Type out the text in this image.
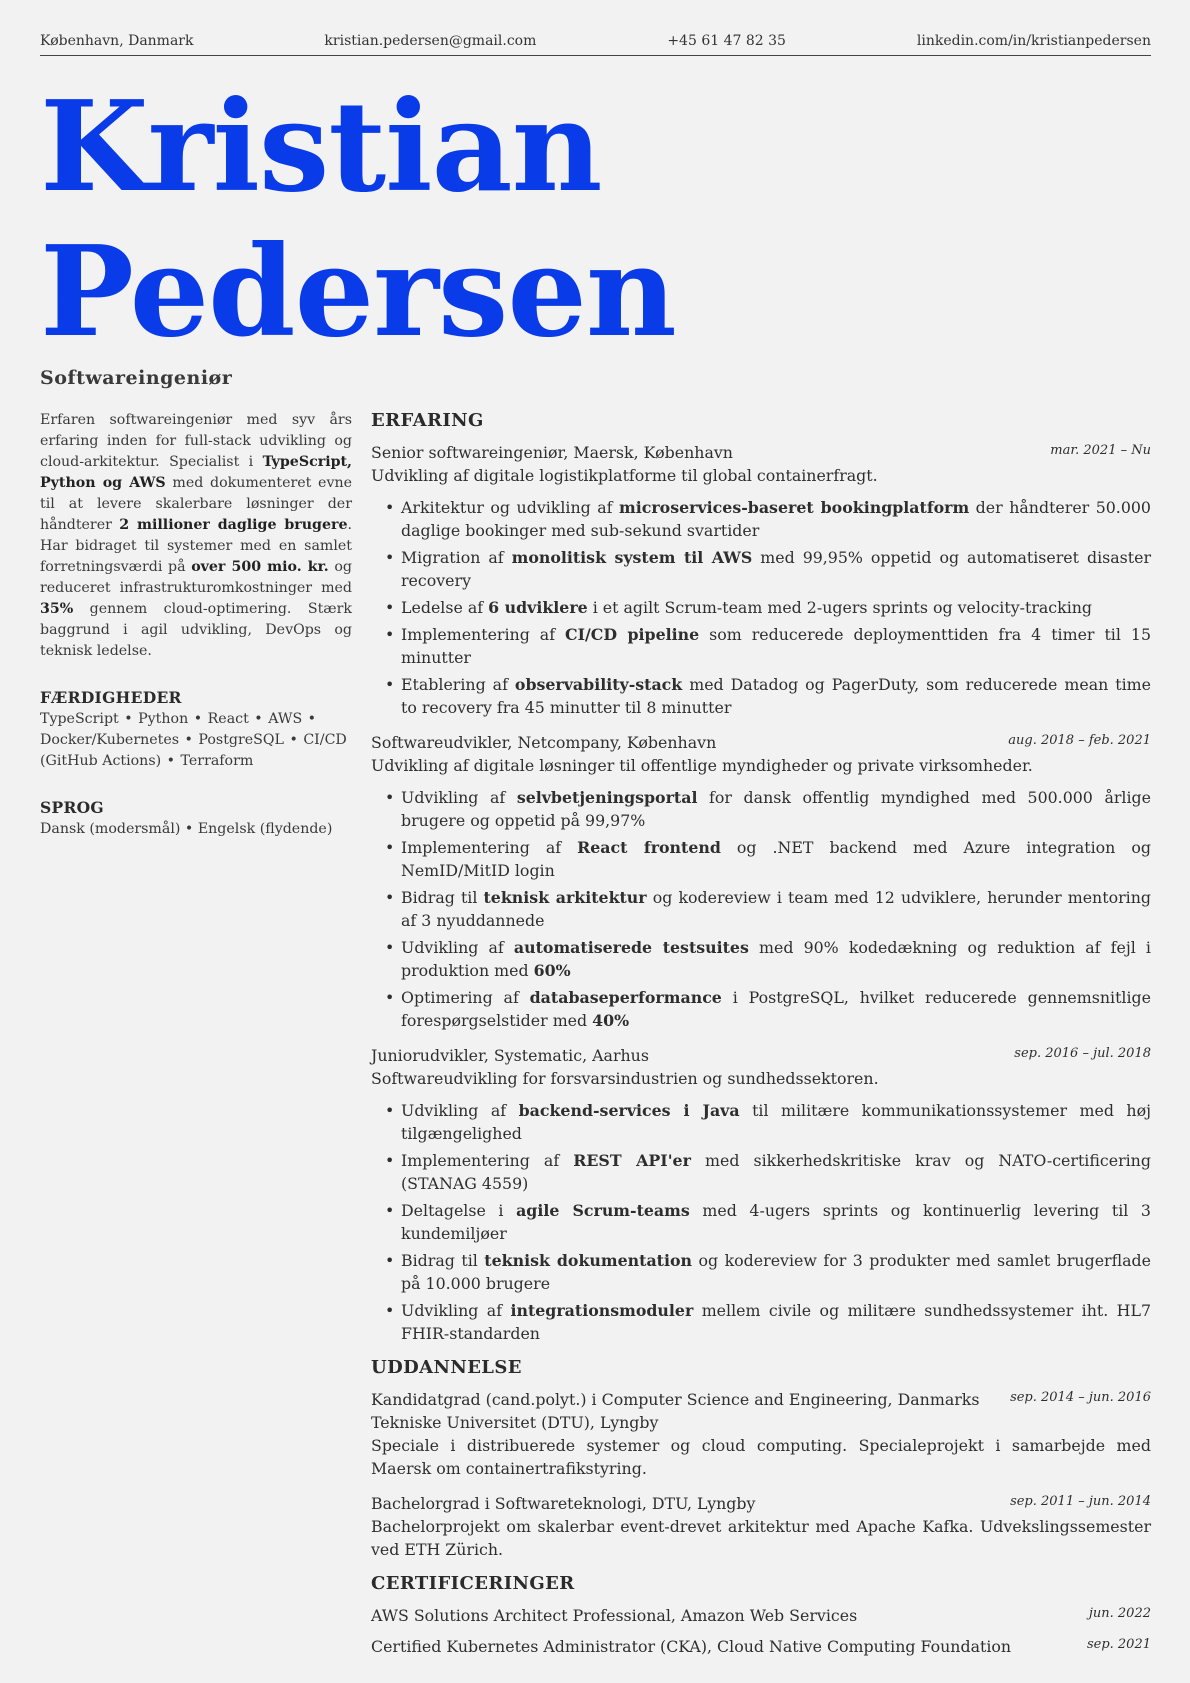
København, Danmark	kristian.pedersen@gmail.com	+45 61 47 82 35	linkedin.com/in/kristianpedersen
Kristian
Pedersen
Softwareingeniør

Erfaren softwareingeniør med syv års erfaring inden for full-stack udvikling og cloud-arkitektur. Specialist i TypeScript, Python og AWS med dokumenteret evne til at levere skalerbare løsninger der håndterer 2 millioner daglige brugere. Har bidraget til systemer med en samlet forretningsværdi på over 500 mio. kr. og reduceret infrastrukturomkostninger med 35% gennem cloud-optimering. Stærk baggrund i agil udvikling, DevOps og teknisk ledelse.

FÆRDIGHEDER
TypeScript • Python • React • AWS • Docker/Kubernetes • PostgreSQL • CI/CD (GitHub Actions) • Terraform
SPROG
Dansk (modersmål) • Engelsk (flydende)
ERFARING
Senior softwareingeniør, Maersk, København	mar. 2021 – Nu
Udvikling af digitale logistikplatforme til global containerfragt.
• Arkitektur og udvikling af microservices-baseret bookingplatform der håndterer 50.000 daglige bookinger med sub-sekund svartider
• Migration af monolitisk system til AWS med 99,95% oppetid og automatiseret disaster recovery
• Ledelse af 6 udviklere i et agilt Scrum-team med 2-ugers sprints og velocity-tracking
• Implementering af CI/CD pipeline som reducerede deploymenttiden fra 4 timer til 15 minutter
• Etablering af observability-stack med Datadog og PagerDuty, som reducerede mean time to recovery fra 45 minutter til 8 minutter
Softwareudvikler, Netcompany, København	aug. 2018 – feb. 2021
Udvikling af digitale løsninger til offentlige myndigheder og private virksomheder.
• Udvikling af selvbetjeningsportal for dansk offentlig myndighed med 500.000 årlige brugere og oppetid på 99,97%
• Implementering af React frontend og .NET backend med Azure integration og NemID/MitID login
• Bidrag til teknisk arkitektur og kodereview i team med 12 udviklere, herunder mentoring af 3 nyuddannede
• Udvikling af automatiserede testsuites med 90% kodedækning og reduktion af fejl i produktion med 60%
• Optimering af databaseperformance i PostgreSQL, hvilket reducerede gennemsnitlige forespørgselstider med 40%
Juniorudvikler, Systematic, Aarhus	sep. 2016 – jul. 2018
Softwareudvikling for forsvarsindustrien og sundhedssektoren.
• Udvikling af backend-services i Java til militære kommunikationssystemer med høj tilgængelighed
• Implementering af REST API'er med sikkerhedskritiske krav og NATO-certificering (STANAG 4559)
• Deltagelse i agile Scrum-teams med 4-ugers sprints og kontinuerlig levering til 3 kundemiljøer
• Bidrag til teknisk dokumentation og kodereview for 3 produkter med samlet brugerflade på 10.000 brugere
• Udvikling af integrationsmoduler mellem civile og militære sundhedssystemer iht. HL7 FHIR-standarden
UDDANNELSE
Kandidatgrad (cand.polyt.) i Computer Science and Engineering, Danmarks Tekniske Universitet (DTU), Lyngby
sep. 2014 – jun. 2016
Speciale i distribuerede systemer og cloud computing. Specialeprojekt i samarbejde med Maersk om containertrafikstyring.
Bachelorgrad i Softwareteknologi, DTU, Lyngby	sep. 2011 – jun. 2014
Bachelorprojekt om skalerbar event-drevet arkitektur med Apache Kafka. Udvekslingssemester ved ETH Zürich.
CERTIFICERINGER
AWS Solutions Architect Professional, Amazon Web Services	jun. 2022
Certified Kubernetes Administrator (CKA), Cloud Native Computing Foundation	sep. 2021
